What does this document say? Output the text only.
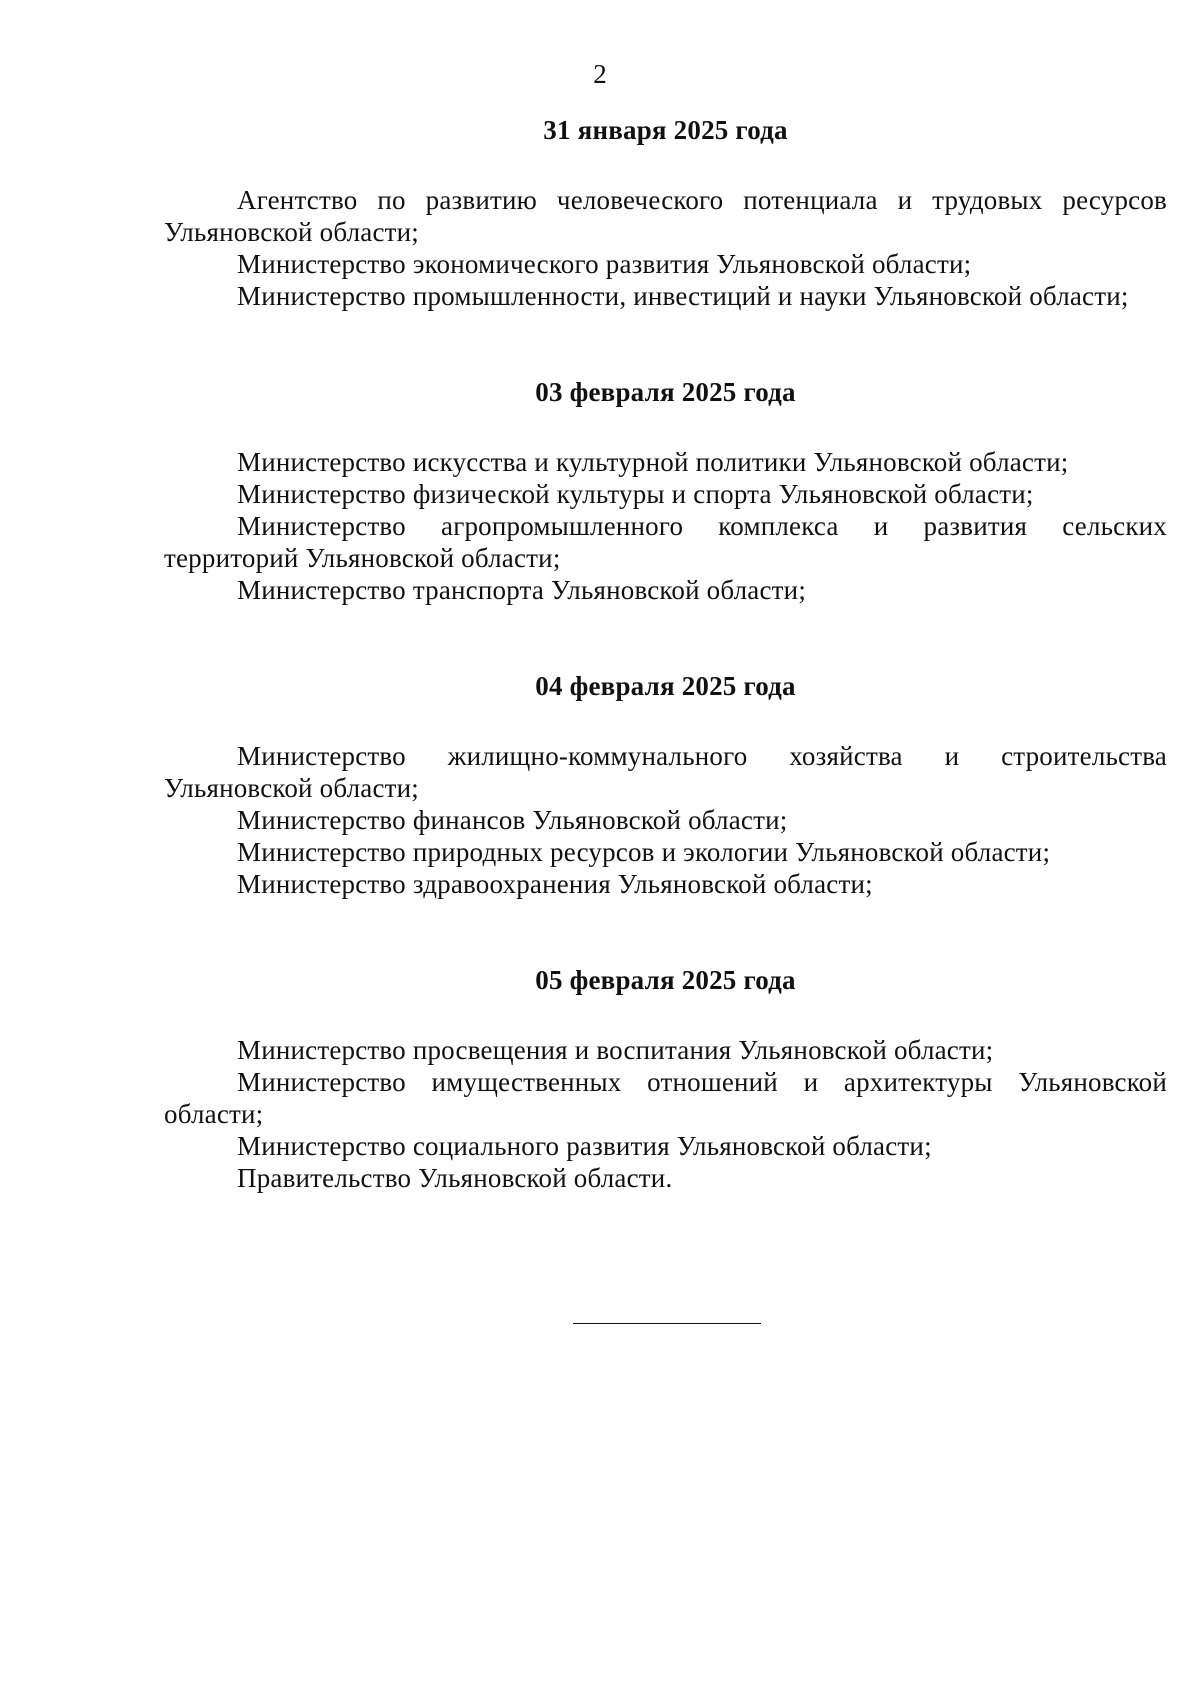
2
31 января 2025 года

Агентство по развитию человеческого потенциала и трудовых ресурсов Ульяновской области;

Министерство экономического развития Ульяновской области;

Министерство промышленности, инвестиций и науки Ульяновской области;

03 февраля 2025 года

Министерство искусства и культурной политики Ульяновской области;

Министерство физической культуры и спорта Ульяновской области;

Министерство агропромышленного комплекса и развития сельских территорий Ульяновской области;

Министерство транспорта Ульяновской области;

04 февраля 2025 года

Министерство жилищно-коммунального хозяйства и строительства Ульяновской области;

Министерство финансов Ульяновской области;

Министерство природных ресурсов и экологии Ульяновской области;

Министерство здравоохранения Ульяновской области;

05 февраля 2025 года

Министерство просвещения и воспитания Ульяновской области;

Министерство имущественных отношений и архитектуры Ульяновской области;

Министерство социального развития Ульяновской области;

Правительство Ульяновской области.
